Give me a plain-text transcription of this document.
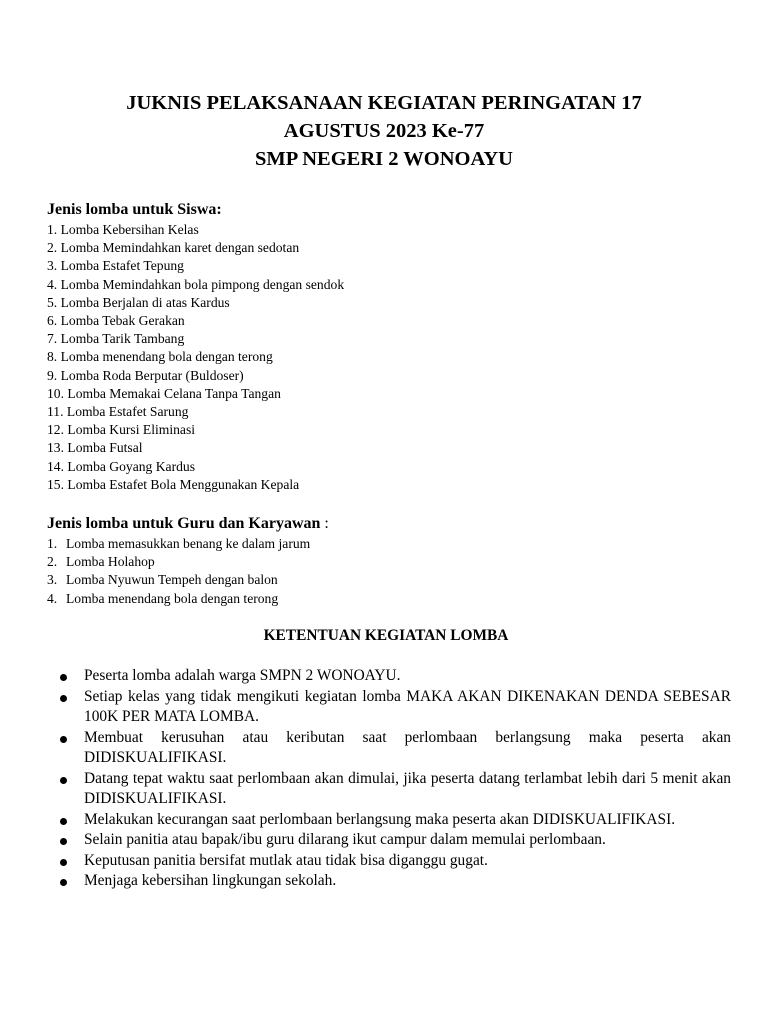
JUKNIS PELAKSANAAN KEGIATAN PERINGATAN 17
AGUSTUS 2023 Ke-77
SMP NEGERI 2 WONOAYU
Jenis lomba untuk Siswa:
1. Lomba Kebersihan Kelas
2. Lomba Memindahkan karet dengan sedotan
3. Lomba Estafet Tepung
4. Lomba Memindahkan bola pimpong dengan sendok
5. Lomba Berjalan di atas Kardus
6. Lomba Tebak Gerakan
7. Lomba Tarik Tambang
8. Lomba menendang bola dengan terong
9. Lomba Roda Berputar (Buldoser)
10. Lomba Memakai Celana Tanpa Tangan
11. Lomba Estafet Sarung
12. Lomba Kursi Eliminasi
13. Lomba Futsal
14. Lomba Goyang Kardus
15. Lomba Estafet Bola Menggunakan Kepala
Jenis lomba untuk Guru dan Karyawan :
1. Lomba memasukkan benang ke dalam jarum
2. Lomba Holahop
3. Lomba Nyuwun Tempeh dengan balon
4. Lomba menendang bola dengan terong
KETENTUAN KEGIATAN LOMBA
Peserta lomba adalah warga SMPN 2 WONOAYU.
Setiap kelas yang tidak mengikuti kegiatan lomba MAKA AKAN DIKENAKAN DENDA SEBESAR 100K PER MATA LOMBA.
Membuat kerusuhan atau keributan saat perlombaan berlangsung maka peserta akan DIDISKUALIFIKASI.
Datang tepat waktu saat perlombaan akan dimulai, jika peserta datang terlambat lebih dari 5 menit akan DIDISKUALIFIKASI.
Melakukan kecurangan saat perlombaan berlangsung maka peserta akan DIDISKUALIFIKASI.
Selain panitia atau bapak/ibu guru dilarang ikut campur dalam memulai perlombaan.
Keputusan panitia bersifat mutlak atau tidak bisa diganggu gugat.
Menjaga kebersihan lingkungan sekolah.
